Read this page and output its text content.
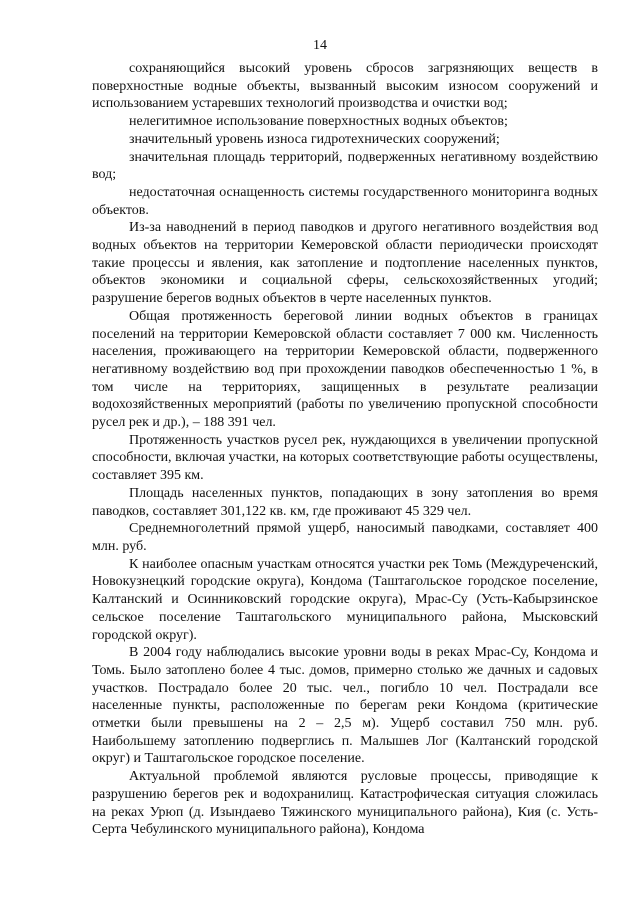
14

сохраняющийся высокий уровень сбросов загрязняющих веществ в поверхностные водные объекты, вызванный высоким износом сооружений и использованием устаревших технологий производства и очистки вод;

нелегитимное использование поверхностных водных объектов;

значительный уровень износа гидротехнических сооружений;

значительная площадь территорий, подверженных негативному воздействию вод;

недостаточная оснащенность системы государственного мониторинга водных объектов.

Из-за наводнений в период паводков и другого негативного воздействия вод водных объектов на территории Кемеровской области периодически происходят такие процессы и явления, как затопление и подтопление населенных пунктов, объектов экономики и социальной сферы, сельскохозяйственных угодий; разрушение берегов водных объектов в черте населенных пунктов.

Общая протяженность береговой линии водных объектов в границах поселений на территории Кемеровской области составляет 7 000 км. Численность населения, проживающего на территории Кемеровской области, подверженного негативному воздействию вод при прохождении паводков обеспеченностью 1 %, в том числе на территориях, защищенных в результате реализации водохозяйственных мероприятий (работы по увеличению пропускной способности русел рек и др.), – 188 391 чел.

Протяженность участков русел рек, нуждающихся в увеличении пропускной способности, включая участки, на которых соответствующие работы осуществлены, составляет 395 км.

Площадь населенных пунктов, попадающих в зону затопления во время паводков, составляет 301,122 кв. км, где проживают 45 329 чел.

Среднемноголетний прямой ущерб, наносимый паводками, составляет 400 млн. руб.

К наиболее опасным участкам относятся участки рек Томь (Междуреченский, Новокузнецкий городские округа), Кондома (Таштагольское городское поселение, Калтанский и Осинниковский городские округа), Мрас-Су (Усть-Кабырзинское сельское поселение Таштагольского муниципального района, Мысковский городской округ).

В 2004 году наблюдались высокие уровни воды в реках Мрас-Су, Кондома и Томь. Было затоплено более 4 тыс. домов, примерно столько же дачных и садовых участков. Пострадало более 20 тыс. чел., погибло 10 чел. Пострадали все населенные пункты, расположенные по берегам реки Кондома (критические отметки были превышены на 2 – 2,5 м). Ущерб составил 750 млн. руб. Наибольшему затоплению подверглись п. Малышев Лог (Калтанский городской округ) и Таштагольское городское поселение.

Актуальной проблемой являются русловые процессы, приводящие к разрушению берегов рек и водохранилищ. Катастрофическая ситуация сложилась на реках Урюп (д. Изындаево Тяжинского муниципального района), Кия (с. Усть-Серта Чебулинского муниципального района), Кондома
